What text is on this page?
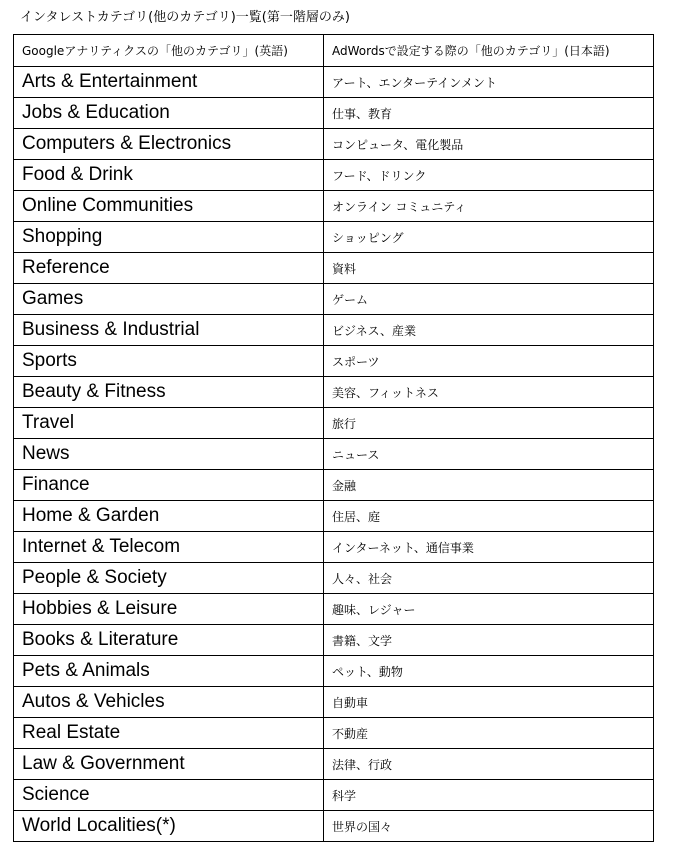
インタレストカテゴリ(他のカテゴリ)一覧(第一階層のみ)
Googleアナリティクスの「他のカテゴリ」(英語)	AdWordsで設定する際の「他のカテゴリ」(日本語)
Arts & Entertainment	アート、エンターテインメント
Jobs & Education	仕事、教育
Computers & Electronics	コンピュータ、電化製品
Food & Drink	フード、ドリンク
Online Communities	オンライン コミュニティ
Shopping	ショッピング
Reference	資料
Games	ゲーム
Business & Industrial	ビジネス、産業
Sports	スポーツ
Beauty & Fitness	美容、フィットネス
Travel	旅行
News	ニュース
Finance	金融
Home & Garden	住居、庭
Internet & Telecom	インターネット、通信事業
People & Society	人々、社会
Hobbies & Leisure	趣味、レジャー
Books & Literature	書籍、文学
Pets & Animals	ペット、動物
Autos & Vehicles	自動車
Real Estate	不動産
Law & Government	法律、行政
Science	科学
World Localities(*)	世界の国々
